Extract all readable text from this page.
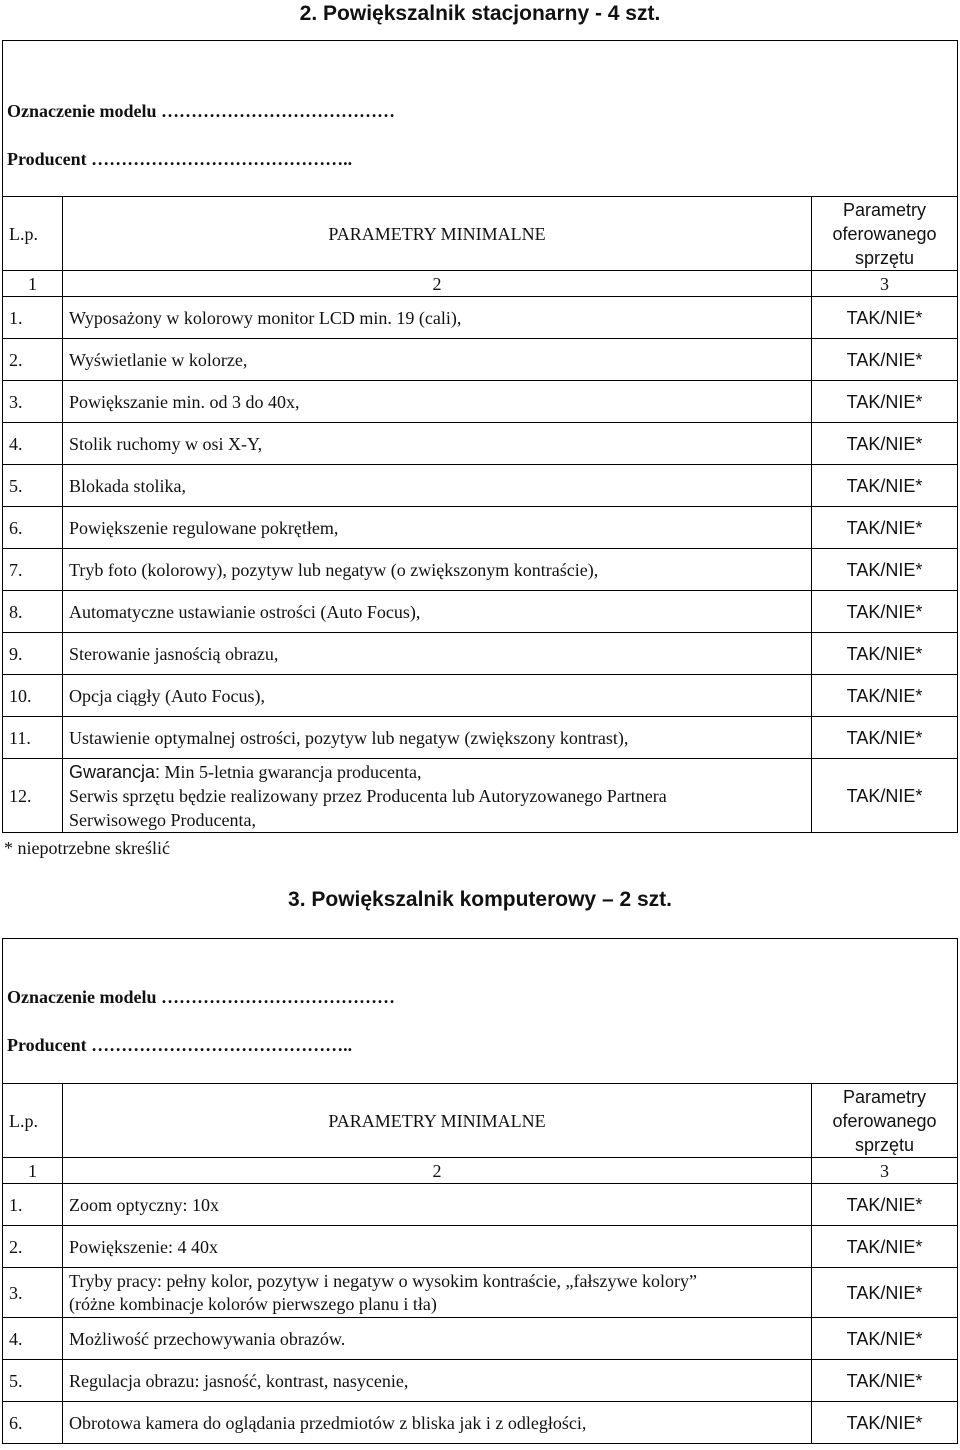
2. Powiększalnik stacjonarny - 4 szt.
Oznaczenie modelu …………………………………
Producent ……………………………………..
L.p.	PARAMETRY MINIMALNE	Parametry
oferowanego
sprzętu

1	2	3
1.	Wyposażony w kolorowy monitor LCD min. 19 (cali),	TAK/NIE*
2.	Wyświetlanie w kolorze,	TAK/NIE*
3.	Powiększanie min. od 3 do 40x,	TAK/NIE*
4.	Stolik ruchomy w osi X-Y,	TAK/NIE*
5.	Blokada stolika,	TAK/NIE*
6.	Powiększenie regulowane pokrętłem,	TAK/NIE*
7.	Tryb foto (kolorowy), pozytyw lub negatyw (o zwiększonym kontraście),	TAK/NIE*
8.	Automatyczne ustawianie ostrości (Auto Focus),	TAK/NIE*
9.	Sterowanie jasnością obrazu,	TAK/NIE*
10.	Opcja ciągły (Auto Focus),	TAK/NIE*
11.	Ustawienie optymalnej ostrości, pozytyw lub negatyw (zwiększony kontrast),	TAK/NIE*
12.	Gwarancja: Min 5-letnia gwarancja producenta,
Serwis sprzętu będzie realizowany przez Producenta lub Autoryzowanego Partnera
Serwisowego Producenta,	TAK/NIE*
* niepotrzebne skreślić
3. Powiększalnik komputerowy – 2 szt.
Oznaczenie modelu …………………………………
Producent ……………………………………..
L.p.	PARAMETRY MINIMALNE	Parametry
oferowanego
sprzętu

1	2	3
1.	Zoom optyczny: 10x	TAK/NIE*
2.	Powiększenie: 4 40x	TAK/NIE*
3.	Tryby pracy: pełny kolor, pozytyw i negatyw o wysokim kontraście, „fałszywe kolory”
(różne kombinacje kolorów pierwszego planu i tła)	TAK/NIE*
4.	Możliwość przechowywania obrazów.	TAK/NIE*
5.	Regulacja obrazu: jasność, kontrast, nasycenie,	TAK/NIE*
6.	Obrotowa kamera do oglądania przedmiotów z bliska jak i z odległości,	TAK/NIE*
